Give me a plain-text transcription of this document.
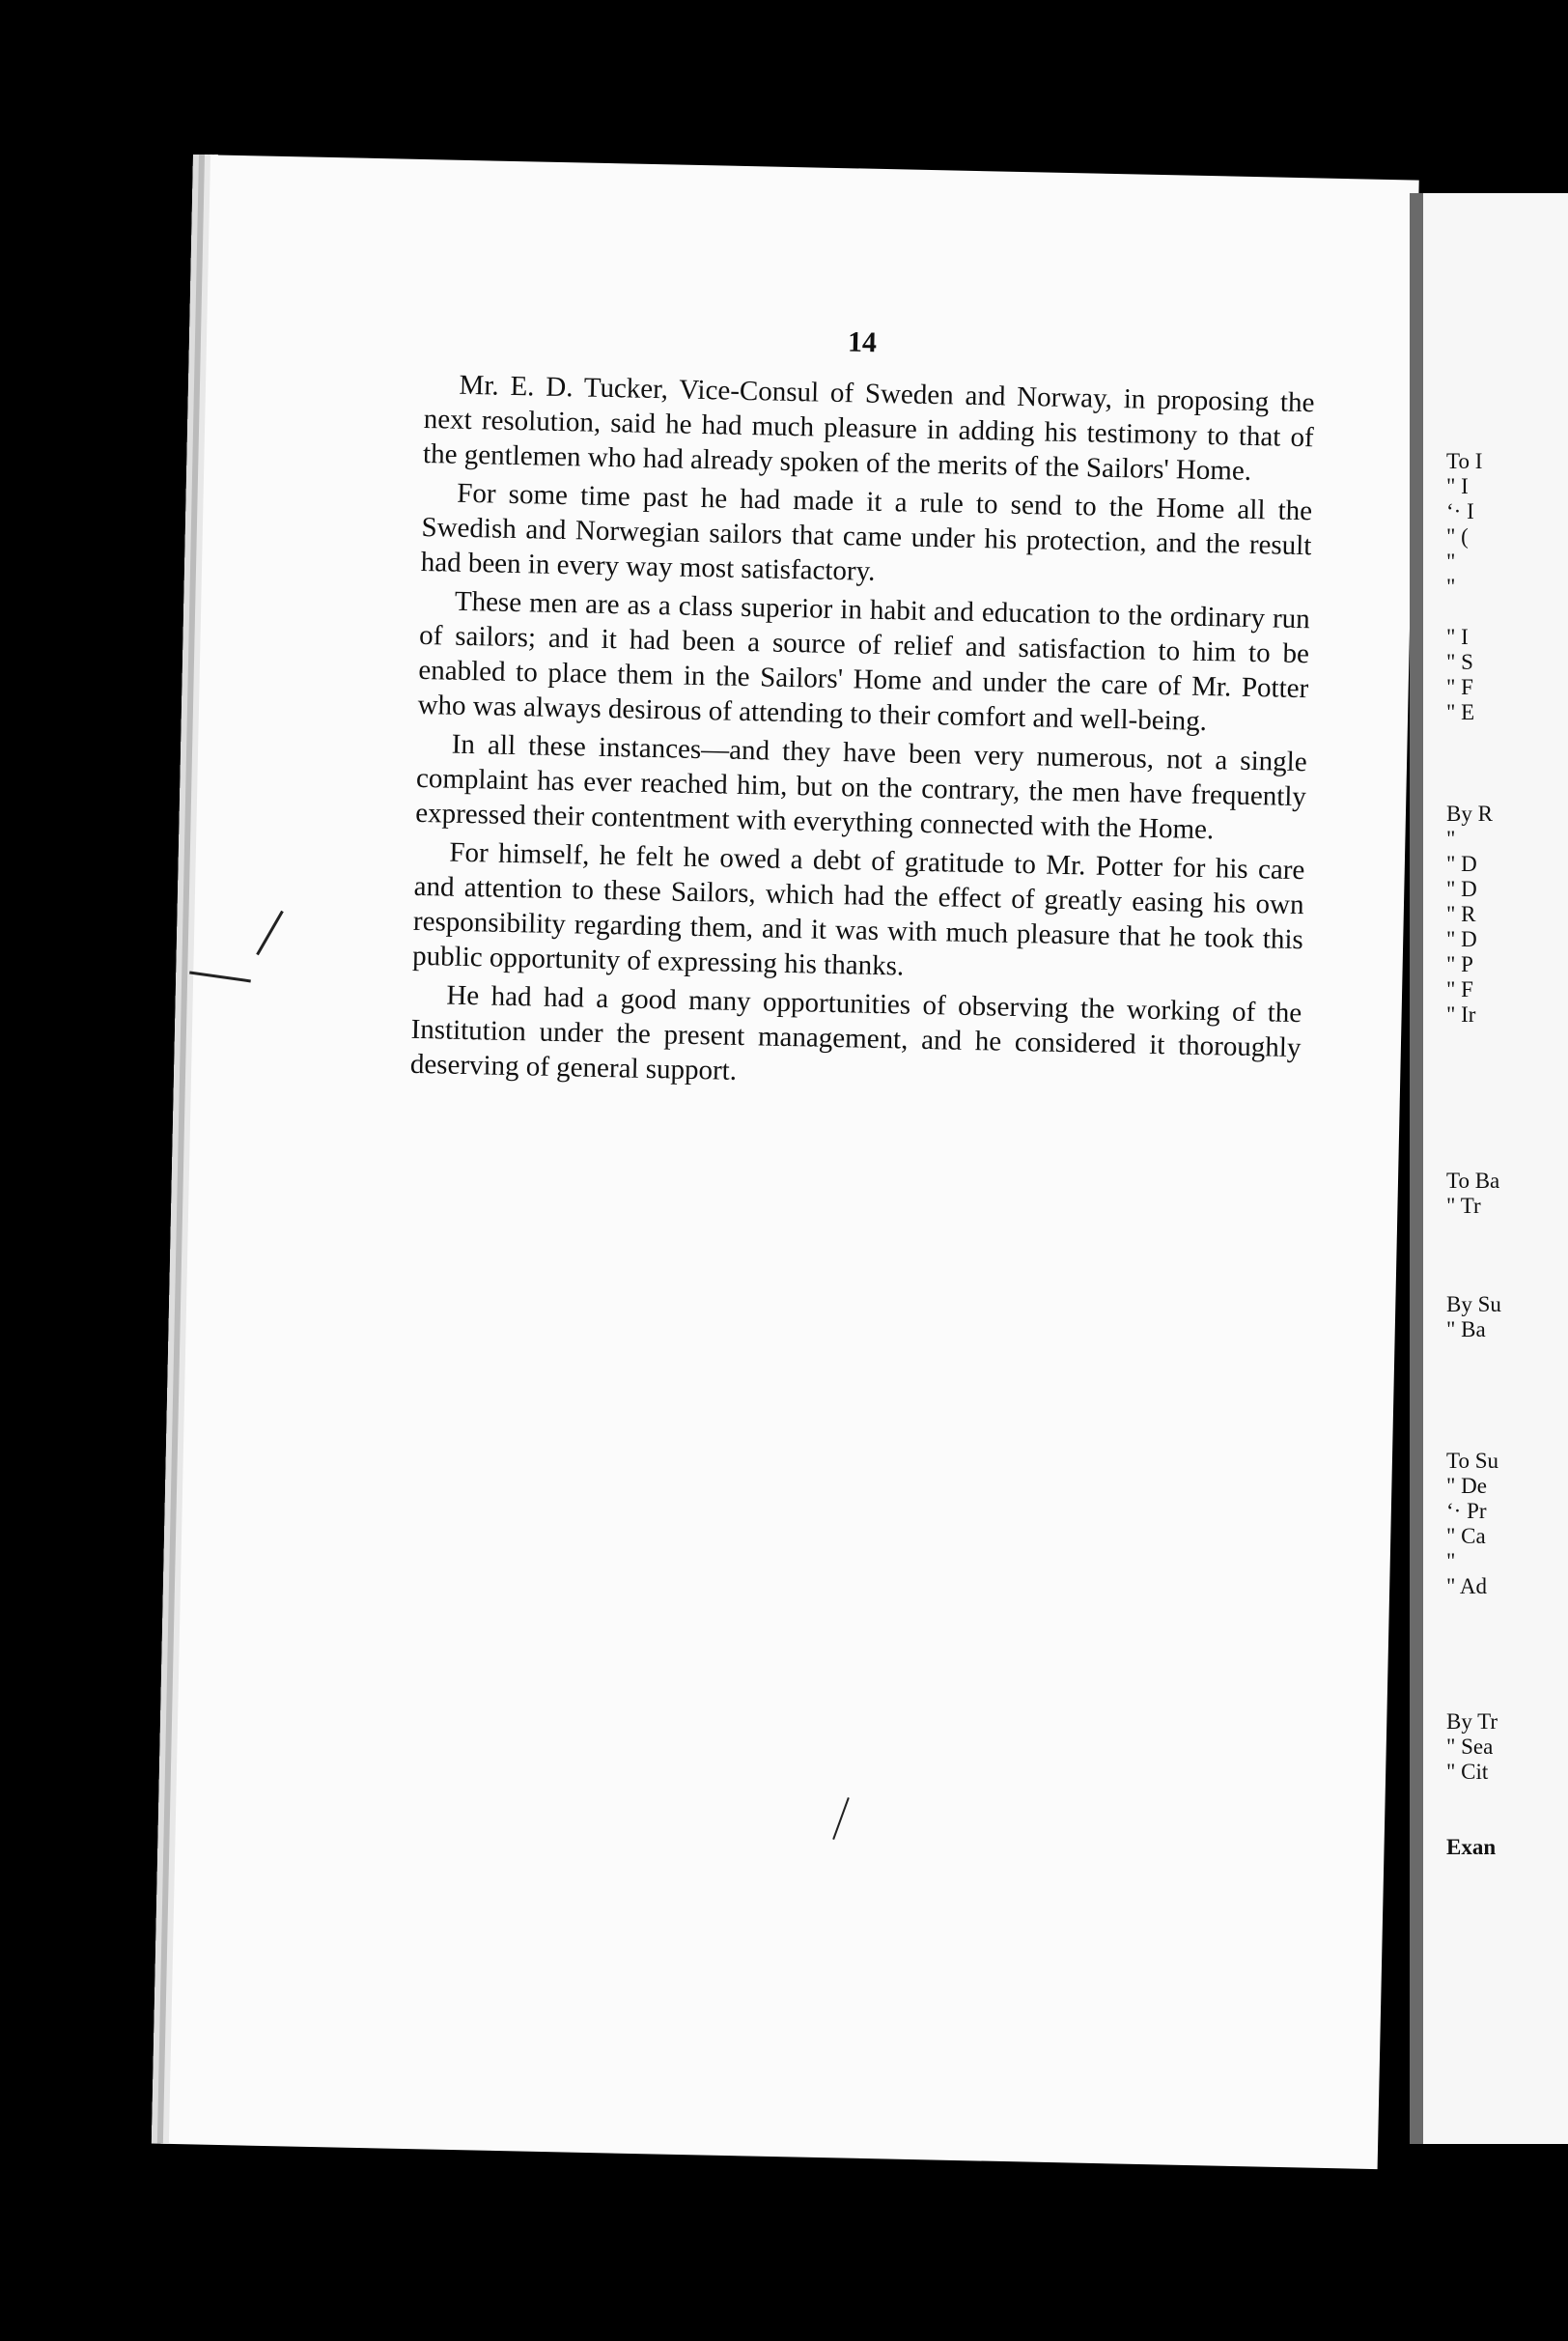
14

Mr. E. D. Tucker, Vice-Consul of Sweden and Norway, in proposing the next resolution, said he had much pleasure in adding his testimony to that of the gentlemen who had already spoken of the merits of the Sailors' Home.

For some time past he had made it a rule to send to the Home all the Swedish and Norwegian sailors that came under his protection, and the result had been in every way most satisfactory.

These men are as a class superior in habit and education to the ordinary run of sailors; and it had been a source of relief and satisfaction to him to be enabled to place them in the Sailors' Home and under the care of Mr. Potter who was always desirous of attending to their comfort and well-being.

In all these instances—and they have been very numerous, not a single complaint has ever reached him, but on the contrary, the men have frequently expressed their contentment with everything connected with the Home.

For himself, he felt he owed a debt of gratitude to Mr. Potter for his care and attention to these Sailors, which had the effect of greatly easing his own responsibility regarding them, and it was with much pleasure that he took this public opportunity of expressing his thanks.

He had had a good many opportunities of observing the working of the Institution under the present management, and he considered it thoroughly deserving of general support.

To I
" I
‘· I
" (
"
"
" I
" S
" F
" E
By R
"
" D
" D
" R
" D
" P
" F
" Ir
To Ba
" Tr
By Su
" Ba
To Su
" De
‘· Pr
" Ca
"
" Ad
By Tr
" Sea
" Cit
Exan
